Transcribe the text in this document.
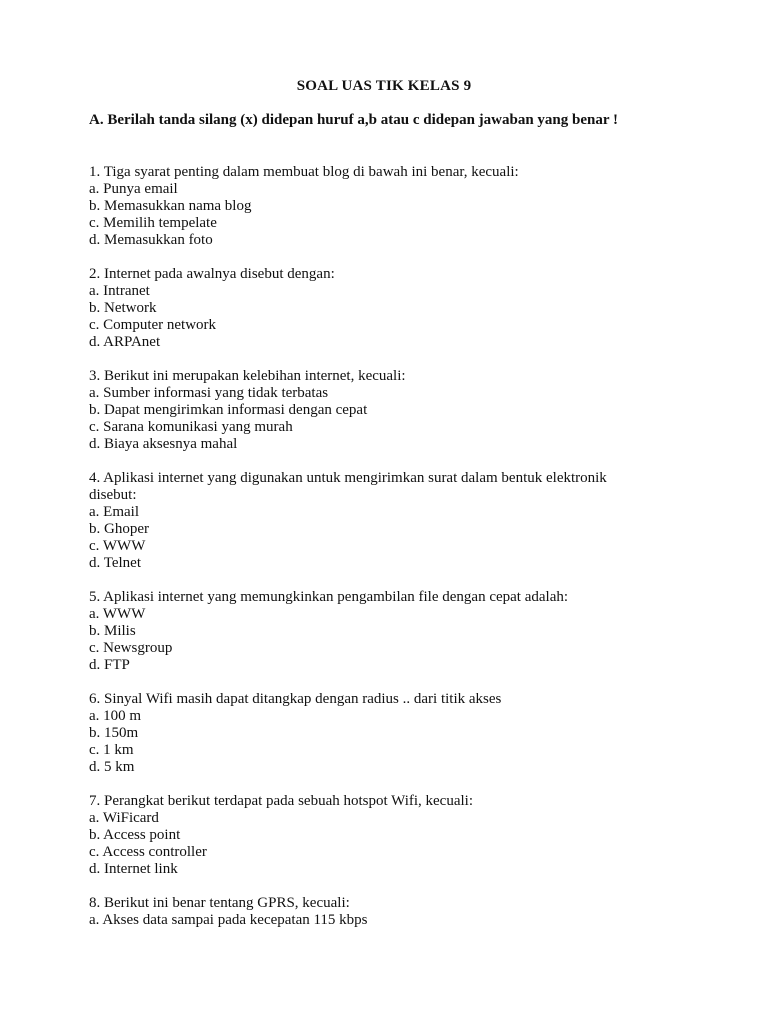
SOAL UAS TIK KELAS 9
A. Berilah tanda silang (x) didepan huruf a,b atau c didepan jawaban yang benar !
1. Tiga syarat penting dalam membuat blog di bawah ini benar, kecuali:
a. Punya email
b. Memasukkan nama blog
c. Memilih tempelate
d. Memasukkan foto
2. Internet pada awalnya disebut dengan:
a. Intranet
b. Network
c. Computer network
d. ARPAnet
3. Berikut ini merupakan kelebihan internet, kecuali:
a. Sumber informasi yang tidak terbatas
b. Dapat mengirimkan informasi dengan cepat
c. Sarana komunikasi yang murah
d. Biaya aksesnya mahal
4. Aplikasi internet yang digunakan untuk mengirimkan surat dalam bentuk elektronik
disebut:
a. Email
b. Ghoper
c. WWW
d. Telnet
5. Aplikasi internet yang memungkinkan pengambilan file dengan cepat adalah:
a. WWW
b. Milis
c. Newsgroup
d. FTP
6. Sinyal Wifi masih dapat ditangkap dengan radius .. dari titik akses
a. 100 m
b. 150m
c. 1 km
d. 5 km
7. Perangkat berikut terdapat pada sebuah hotspot Wifi, kecuali:
a. WiFicard
b. Access point
c. Access controller
d. Internet link
8. Berikut ini benar tentang GPRS, kecuali:
a. Akses data sampai pada kecepatan 115 kbps
